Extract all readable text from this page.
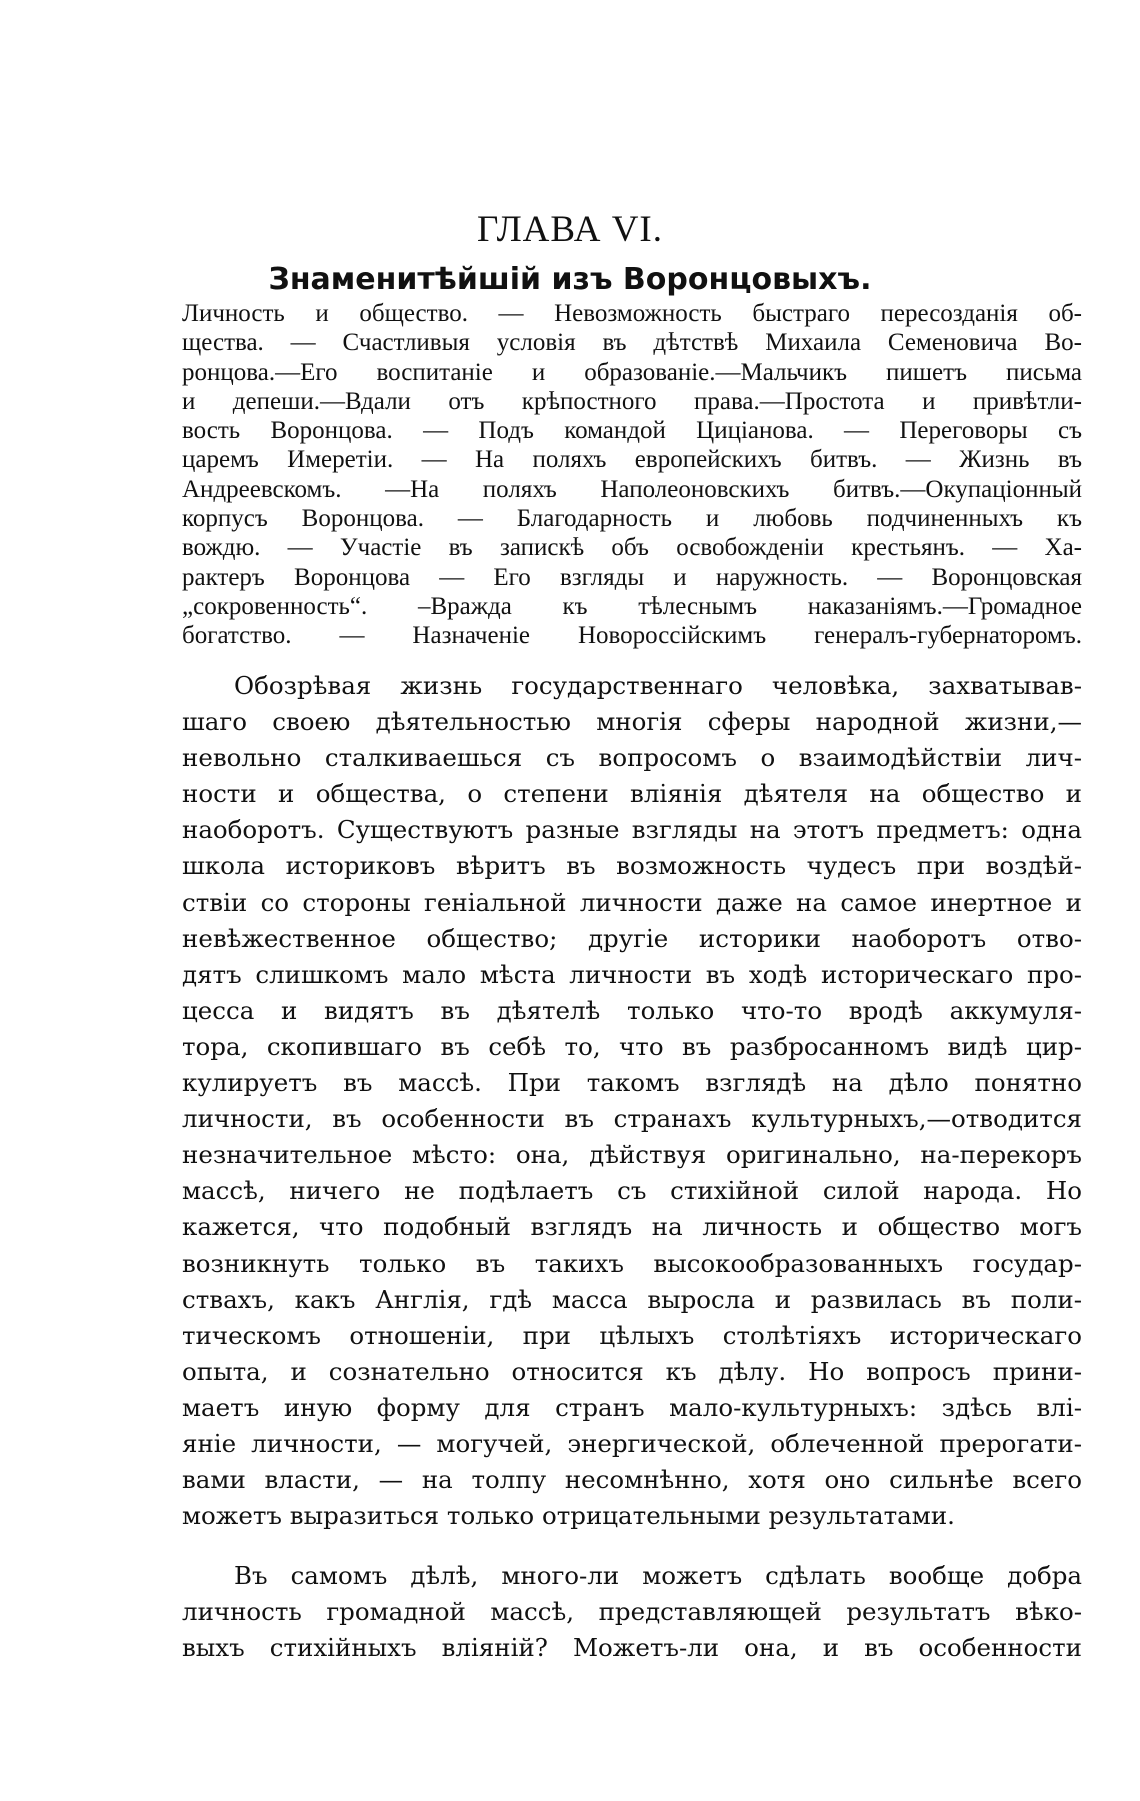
ГЛАВА VI.
Знаменитѣйшій изъ Воронцовыхъ.
Личность и общество. — Невозможность быстраго пересозданія об-
щества. — Счастливыя условія въ дѣтствѣ Михаила Семеновича Во-
ронцова.—Его воспитаніе и образованіе.—Мальчикъ пишетъ письма
и депеши.—Вдали отъ крѣпостного права.—Простота и привѣтли-
вость Воронцова. — Подъ командой Циціанова. — Переговоры съ
царемъ Имеретіи. — На поляхъ европейскихъ битвъ. — Жизнь въ
Андреевскомъ. —На поляхъ Наполеоновскихъ битвъ.—Окупаціонный
корпусъ Воронцова. — Благодарность и любовь подчиненныхъ къ
вождю. — Участіе въ запискѣ объ освобожденіи крестьянъ. — Ха-
рактеръ Воронцова — Его взгляды и наружность. — Воронцовская
„сокровенность“. –Вражда къ тѣлеснымъ наказаніямъ.—Громадное
богатство. — Назначеніе Новороссійскимъ генералъ-губернаторомъ.
Обозрѣвая жизнь государственнаго человѣка, захватывав-
шаго своею дѣятельностью многія сферы народной жизни,—
невольно сталкиваешься съ вопросомъ о взаимодѣйствіи лич-
ности и общества, о степени вліянія дѣятеля на общество и
наоборотъ. Существуютъ разные взгляды на этотъ предметъ: одна
школа историковъ вѣритъ въ возможность чудесъ при воздѣй-
ствіи со стороны геніальной личности даже на самое инертное и
невѣжественное общество; другіе историки наоборотъ отво-
дятъ слишкомъ мало мѣста личности въ ходѣ историческаго про-
цесса и видятъ въ дѣятелѣ только что-то вродѣ аккумуля-
тора, скопившаго въ себѣ то, что въ разбросанномъ видѣ цир-
кулируетъ въ массѣ. При такомъ взглядѣ на дѣло понятно
личности, въ особенности въ странахъ культурныхъ,—отводится
незначительное мѣсто: она, дѣйствуя оригинально, на-перекоръ
массѣ, ничего не подѣлаетъ съ стихійной силой народа. Но
кажется, что подобный взглядъ на личность и общество могъ
возникнуть только въ такихъ высокообразованныхъ государ-
ствахъ, какъ Англія, гдѣ масса выросла и развилась въ поли-
тическомъ отношеніи, при цѣлыхъ столѣтіяхъ историческаго
опыта, и сознательно относится къ дѣлу. Но вопросъ прини-
маетъ иную форму для странъ мало-культурныхъ: здѣсь влі-
яніе личности, — могучей, энергической, облеченной прерогати-
вами власти, — на толпу несомнѣнно, хотя оно сильнѣе всего
можетъ выразиться только отрицательными результатами.
Въ самомъ дѣлѣ, много-ли можетъ сдѣлать вообще добра
личность громадной массѣ, представляющей результатъ вѣко-
выхъ стихійныхъ вліяній? Можетъ-ли она, и въ особенности
